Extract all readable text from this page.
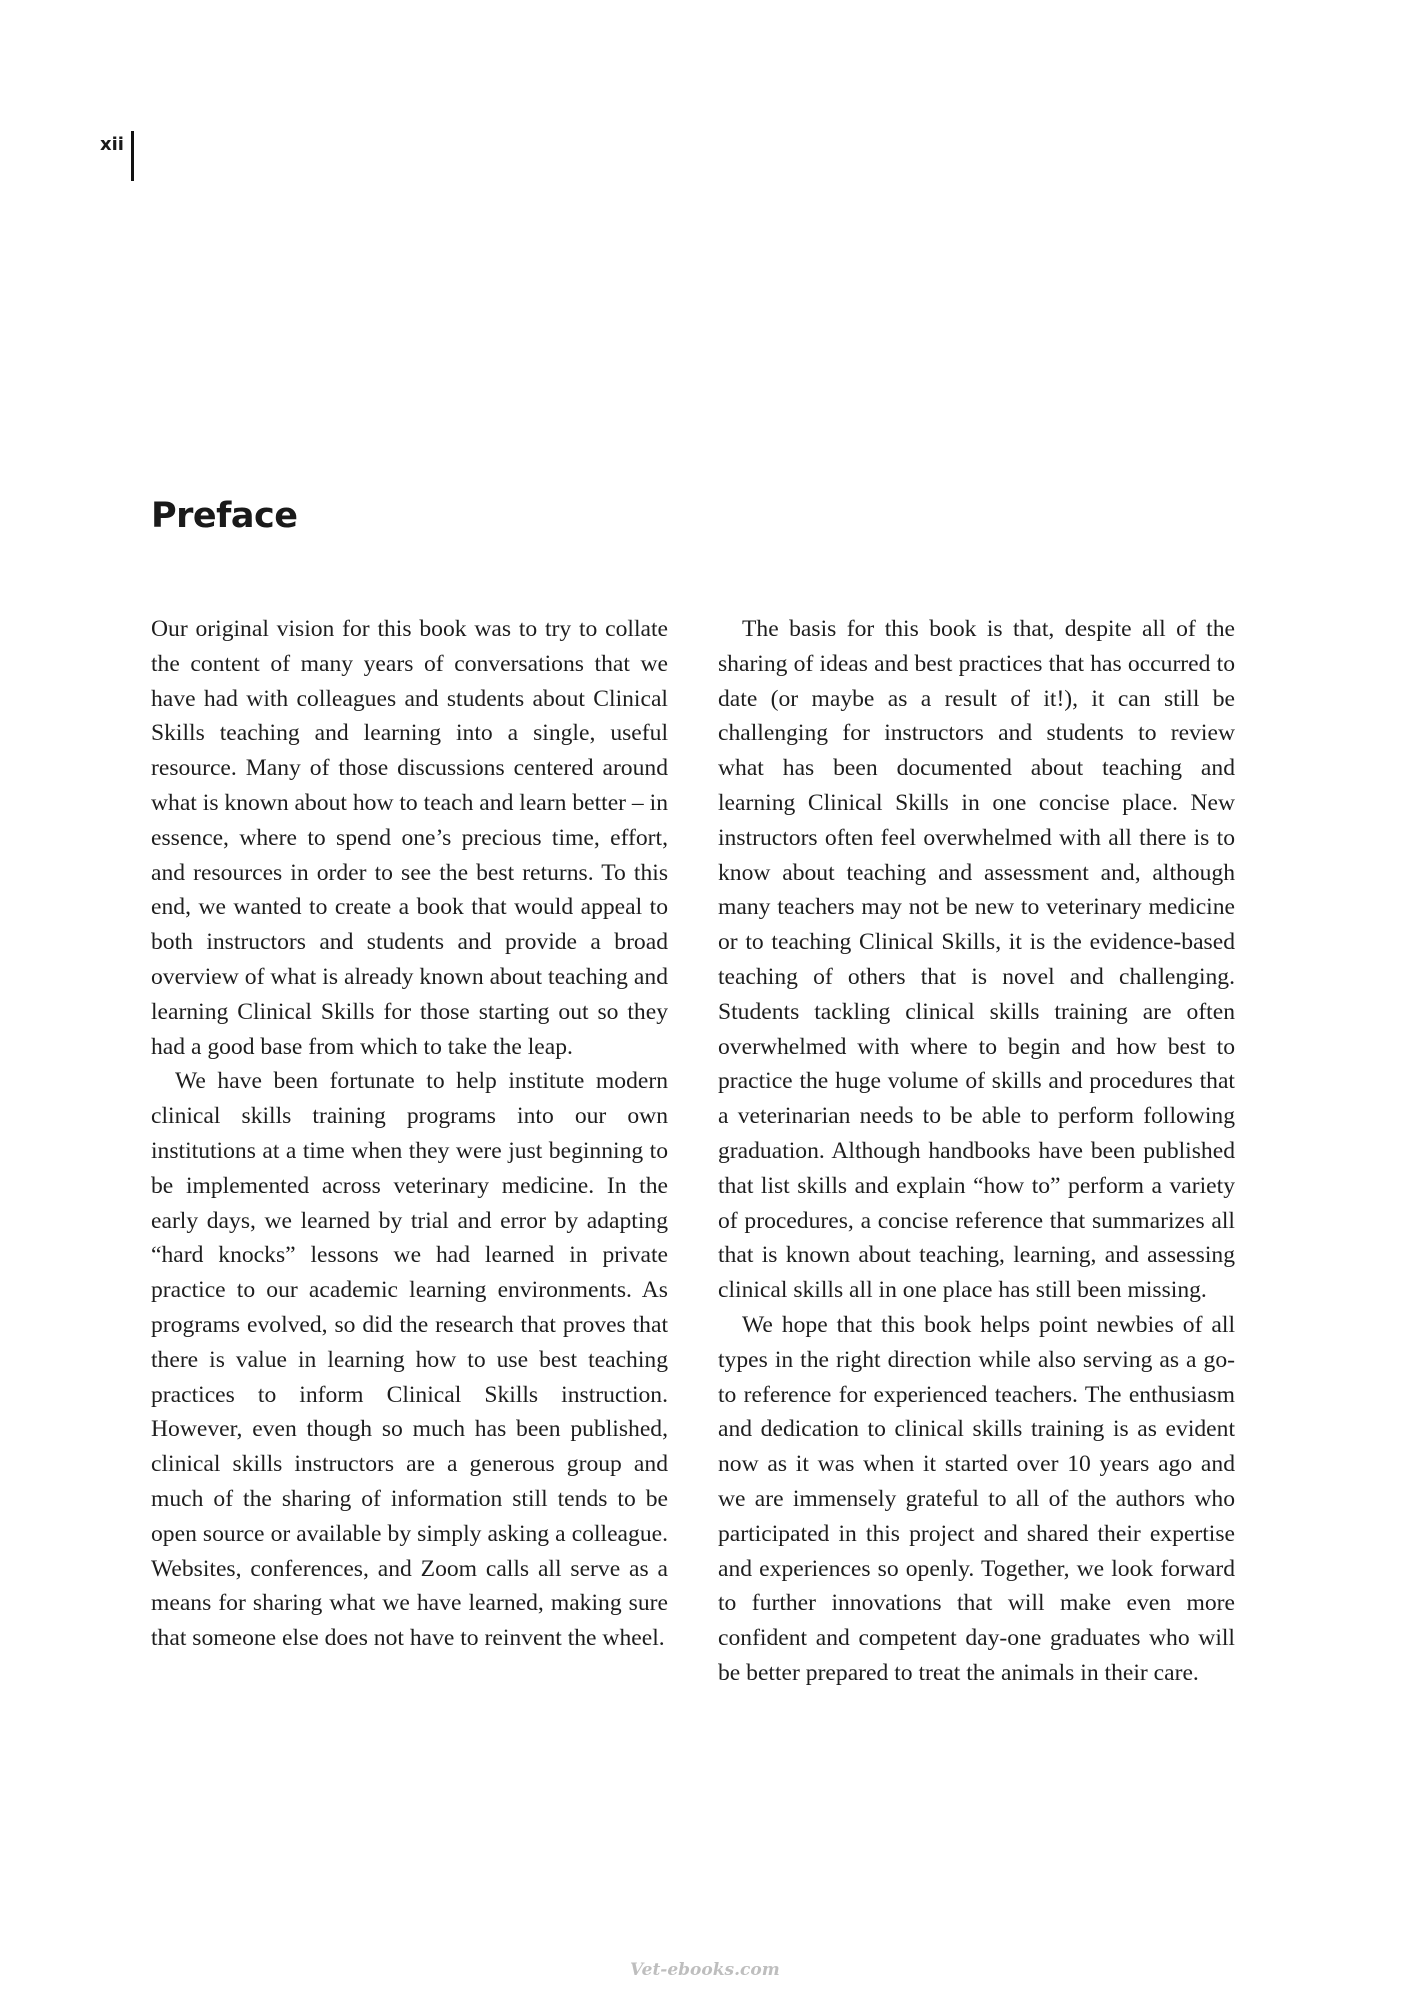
xii
Preface

Our original vision for this book was to try to collate the content of many years of conversations that we have had with colleagues and students about Clinical Skills teaching and learning into a single, useful resource. Many of those discussions centered around what is known about how to teach and learn better – in essence, where to spend one’s precious time, effort, and resources in order to see the best returns. To this end, we wanted to create a book that would appeal to both instructors and students and provide a broad overview of what is already known about teaching and learning Clinical Skills for those starting out so they had a good base from which to take the leap.

We have been fortunate to help institute modern clinical skills training programs into our own institutions at a time when they were just beginning to be implemented across veterinary medicine. In the early days, we learned by trial and error by adapting “hard knocks” lessons we had learned in private practice to our academic learning environments. As programs evolved, so did the research that proves that there is value in learning how to use best teaching practices to inform Clinical Skills instruction. However, even though so much has been published, clinical skills instructors are a generous group and much of the sharing of information still tends to be open source or available by simply asking a colleague. Websites, conferences, and Zoom calls all serve as a means for sharing what we have learned, making sure that someone else does not have to reinvent the wheel.

The basis for this book is that, despite all of the sharing of ideas and best practices that has occurred to date (or maybe as a result of it!), it can still be challenging for instructors and students to review what has been documented about teaching and learning Clinical Skills in one concise place. New instructors often feel overwhelmed with all there is to know about teaching and assessment and, although many teachers may not be new to veterinary medicine or to teaching Clinical Skills, it is the evidence-based teaching of others that is novel and challenging. Students tackling clinical skills training are often overwhelmed with where to begin and how best to practice the huge volume of skills and procedures that a veterinarian needs to be able to perform following graduation. Although handbooks have been published that list skills and explain “how to” perform a variety of procedures, a concise reference that summarizes all that is known about teaching, learning, and assessing clinical skills all in one place has still been missing.

We hope that this book helps point newbies of all types in the right direction while also serving as a go-to reference for experienced teachers. The enthusiasm and dedication to clinical skills training is as evident now as it was when it started over 10 years ago and we are immensely grateful to all of the authors who participated in this project and shared their expertise and experiences so openly. Together, we look forward to further innovations that will make even more confident and competent day-one graduates who will be better prepared to treat the animals in their care.

Vet-ebooks.com
